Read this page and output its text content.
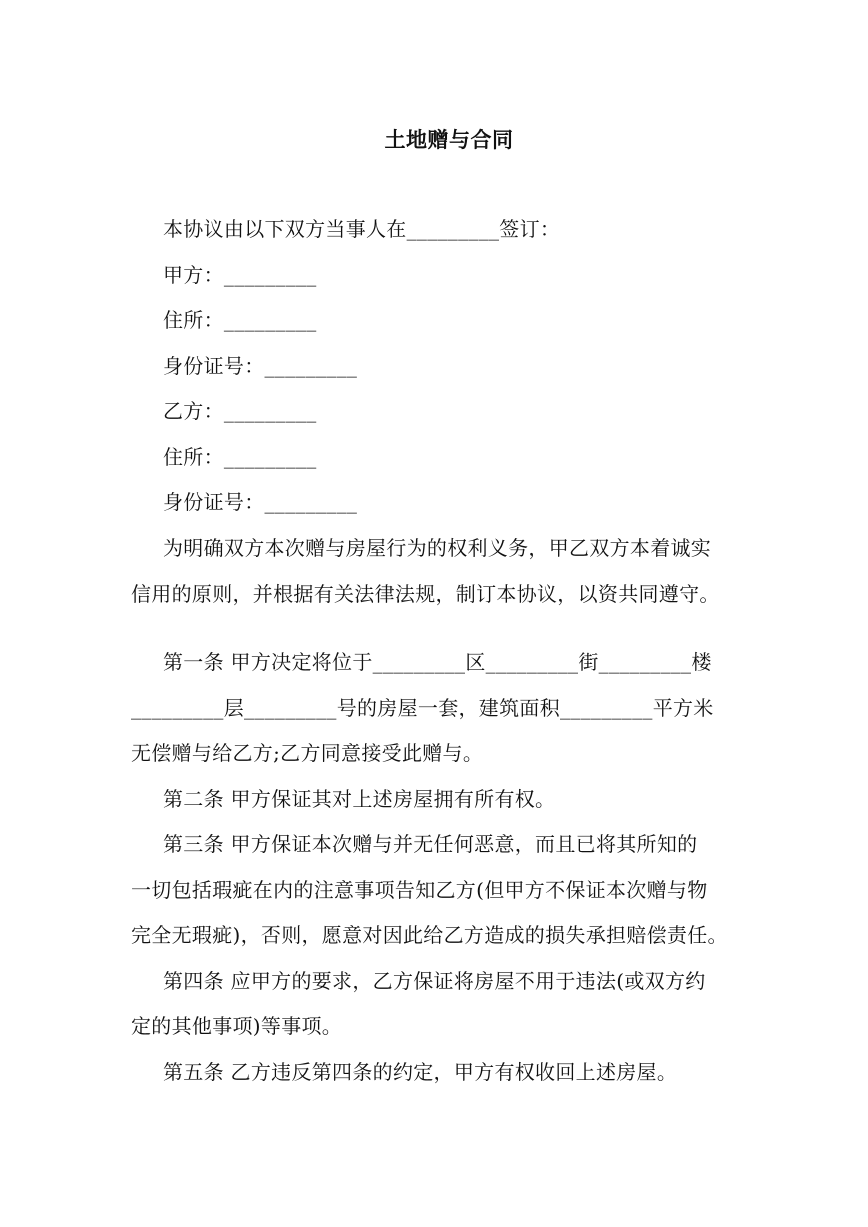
土地赠与合同
本协议由以下双方当事人在_________签订：
甲方：_________
住所：_________
身份证号：_________
乙方：_________
住所：_________
身份证号：_________
为明确双方本次赠与房屋行为的权利义务，甲乙双方本着诚实
信用的原则，并根据有关法律法规，制订本协议，以资共同遵守。
第一条 甲方决定将位于_________区_________街_________楼
_________层_________号的房屋一套，建筑面积_________平方米
无偿赠与给乙方;乙方同意接受此赠与。
第二条 甲方保证其对上述房屋拥有所有权。
第三条 甲方保证本次赠与并无任何恶意，而且已将其所知的
一切包括瑕疵在内的注意事项告知乙方(但甲方不保证本次赠与物
完全无瑕疵)，否则，愿意对因此给乙方造成的损失承担赔偿责任。
第四条 应甲方的要求，乙方保证将房屋不用于违法(或双方约
定的其他事项)等事项。
第五条 乙方违反第四条的约定，甲方有权收回上述房屋。
